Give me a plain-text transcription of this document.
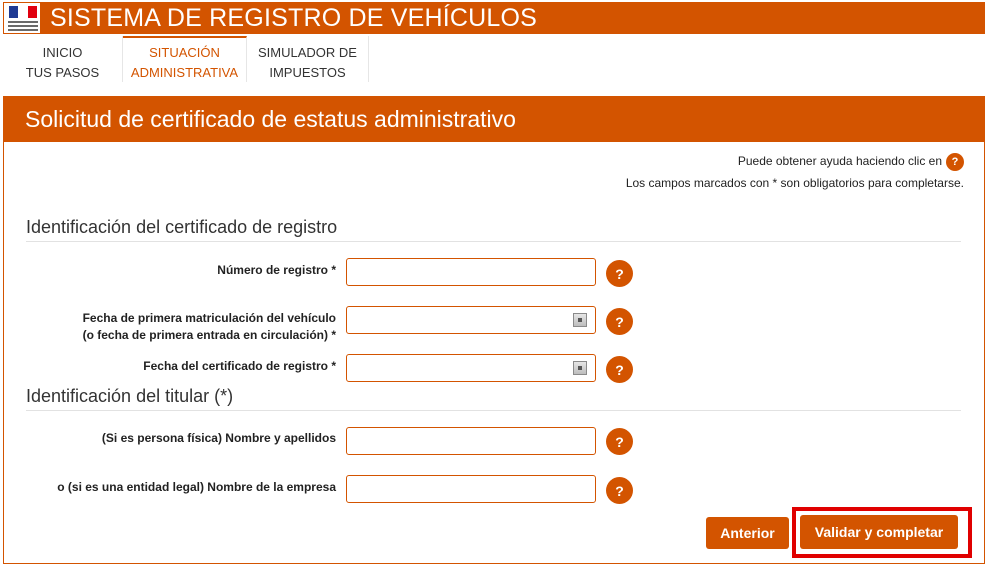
SISTEMA DE REGISTRO DE VEHÍCULOS
INICIO
TUS PASOS
SITUACIÓN
ADMINISTRATIVA
SIMULADOR DE
IMPUESTOS
Solicitud de certificado de estatus administrativo
Puede obtener ayuda haciendo clic en ?
Los campos marcados con * son obligatorios para completarse.
Identificación del certificado de registro
Número de registro *	?
Fecha de primera matriculación del vehículo
(o fecha de primera entrada en circulación) *
?
Fecha del certificado de registro *	?
Identificación del titular (*)
(Si es persona física) Nombre y apellidos	?
o (si es una entidad legal) Nombre de la empresa	?
Anterior	Validar y completar
